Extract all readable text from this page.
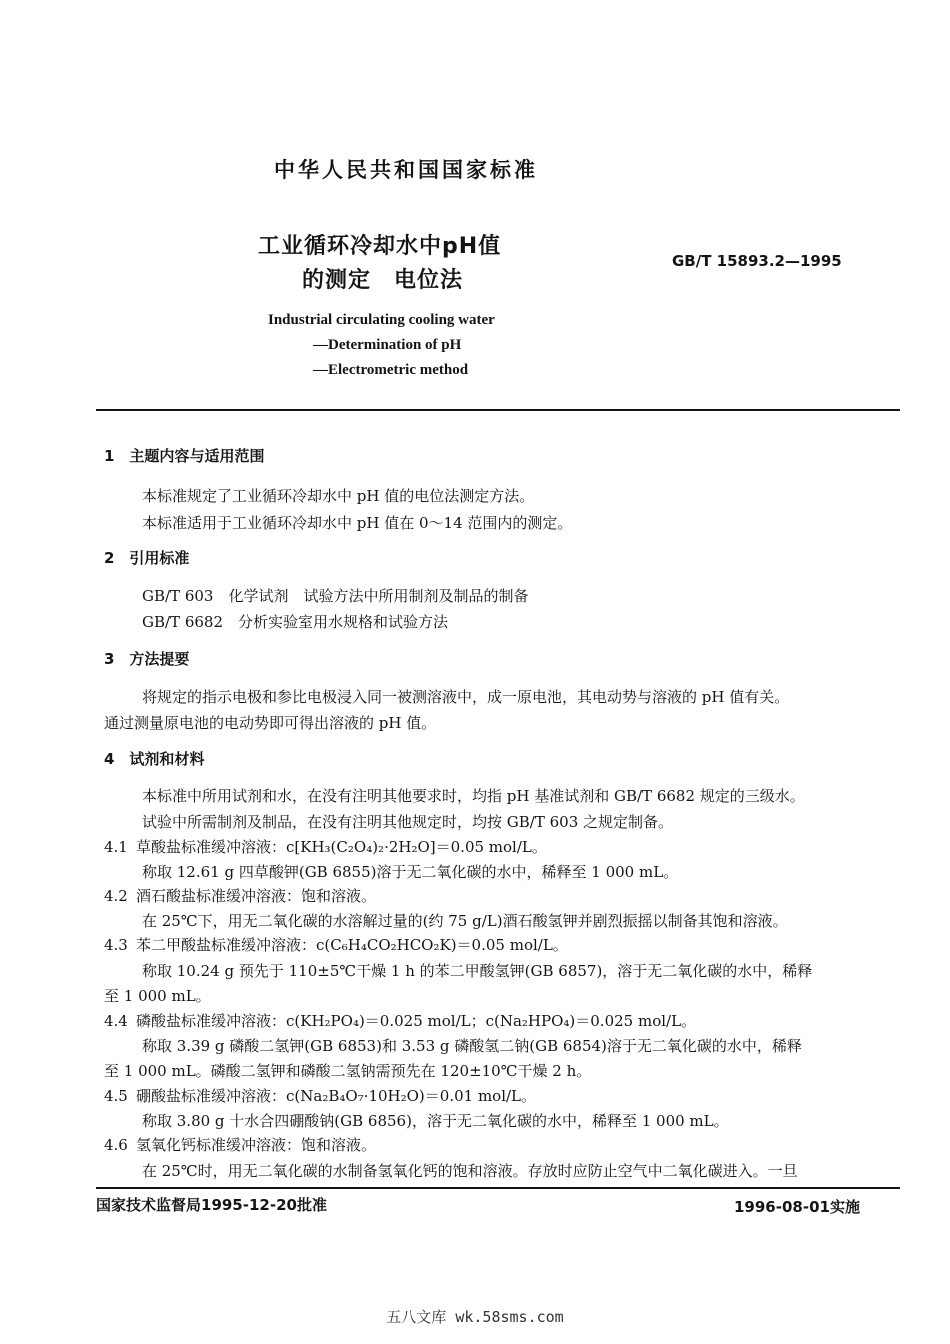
中华人民共和国国家标准
工业循环冷却水中pH值
的测定　电位法
GB/T 15893.2—1995
Industrial circulating cooling water
—Determination of pH
—Electrometric method
1　主题内容与适用范围
本标准规定了工业循环冷却水中 pH 值的电位法测定方法。
本标准适用于工业循环冷却水中 pH 值在 0～14 范围内的测定。
2　引用标准
GB/T 603　化学试剂　试验方法中所用制剂及制品的制备
GB/T 6682　分析实验室用水规格和试验方法
3　方法提要
将规定的指示电极和参比电极浸入同一被测溶液中，成一原电池，其电动势与溶液的 pH 值有关。
通过测量原电池的电动势即可得出溶液的 pH 值。
4　试剂和材料
本标准中所用试剂和水，在没有注明其他要求时，均指 pH 基准试剂和 GB/T 6682 规定的三级水。
试验中所需制剂及制品，在没有注明其他规定时，均按 GB/T 603 之规定制备。
4.1 草酸盐标准缓冲溶液：c[KH₃(C₂O₄)₂·2H₂O]＝0.05 mol/L。
称取 12.61 g 四草酸钾(GB 6855)溶于无二氧化碳的水中，稀释至 1 000 mL。
4.2 酒石酸盐标准缓冲溶液：饱和溶液。
在 25℃下，用无二氧化碳的水溶解过量的(约 75 g/L)酒石酸氢钾并剧烈振摇以制备其饱和溶液。
4.3 苯二甲酸盐标准缓冲溶液：c(C₆H₄CO₂HCO₂K)＝0.05 mol/L。
称取 10.24 g 预先于 110±5℃干燥 1 h 的苯二甲酸氢钾(GB 6857)，溶于无二氧化碳的水中，稀释
至 1 000 mL。
4.4 磷酸盐标准缓冲溶液：c(KH₂PO₄)＝0.025 mol/L；c(Na₂HPO₄)＝0.025 mol/L。
称取 3.39 g 磷酸二氢钾(GB 6853)和 3.53 g 磷酸氢二钠(GB 6854)溶于无二氧化碳的水中，稀释
至 1 000 mL。磷酸二氢钾和磷酸二氢钠需预先在 120±10℃干燥 2 h。
4.5 硼酸盐标准缓冲溶液：c(Na₂B₄O₇·10H₂O)＝0.01 mol/L。
称取 3.80 g 十水合四硼酸钠(GB 6856)，溶于无二氧化碳的水中，稀释至 1 000 mL。
4.6 氢氧化钙标准缓冲溶液：饱和溶液。
在 25℃时，用无二氧化碳的水制备氢氧化钙的饱和溶液。存放时应防止空气中二氧化碳进入。一旦
国家技术监督局1995-12-20批准	1996-08-01实施
五八文库 wk.58sms.com
